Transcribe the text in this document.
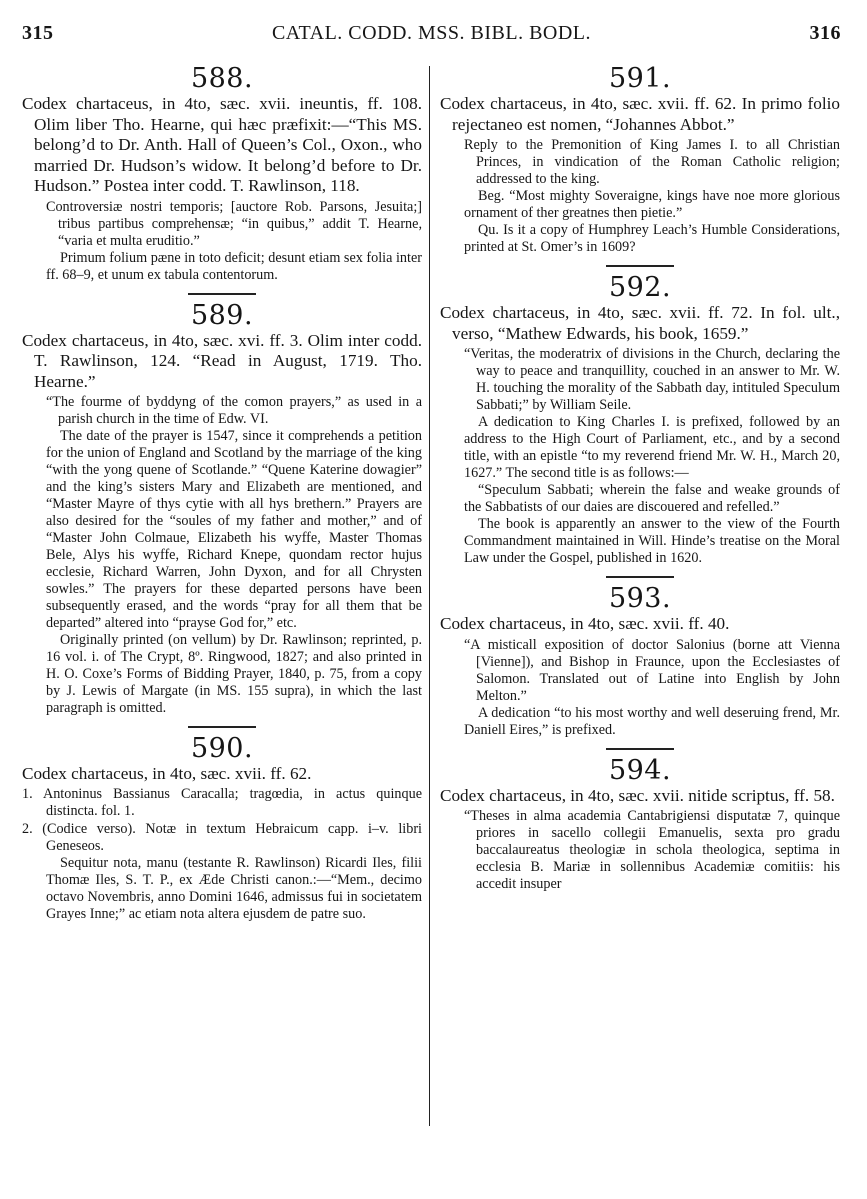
315	CATAL. CODD. MSS. BIBL. BODL.	316

588.

Codex chartaceus, in 4to, sæc. xvii. ineuntis, ff. 108. Olim liber Tho. Hearne, qui hæc præfixit:—“This MS. belong’d to Dr. Anth. Hall of Queen’s Col., Oxon., who married Dr. Hudson’s widow. It belong’d before to Dr. Hudson.” Postea inter codd. T. Rawlinson, 118.

Controversiæ nostri temporis; [auctore Rob. Parsons, Jesuita;] tribus partibus comprehensæ; “in quibus,” addit T. Hearne, “varia et multa eruditio.”

Primum folium pæne in toto deficit; desunt etiam sex folia inter ff. 68–9, et unum ex tabula contentorum.

589.

Codex chartaceus, in 4to, sæc. xvi. ff. 3. Olim inter codd. T. Rawlinson, 124. “Read in August, 1719. Tho. Hearne.”

“The fourme of byddyng of the comon prayers,” as used in a parish church in the time of Edw. VI.

The date of the prayer is 1547, since it comprehends a petition for the union of England and Scotland by the marriage of the king “with the yong quene of Scotlande.” “Quene Katerine dowagier” and the king’s sisters Mary and Elizabeth are mentioned, and “Master Mayre of thys cytie with all hys brethern.” Prayers are also desired for the “soules of my father and mother,” and of “Master John Colmaue, Elizabeth his wyffe, Master Thomas Bele, Alys his wyffe, Richard Knepe, quondam rector hujus ecclesie, Richard Warren, John Dyxon, and for all Chrysten sowles.” The prayers for these departed persons have been subsequently erased, and the words “pray for all them that be departed” altered into “prayse God for,” etc.

Originally printed (on vellum) by Dr. Rawlinson; reprinted, p. 16 vol. i. of The Crypt, 8º. Ringwood, 1827; and also printed in H. O. Coxe’s Forms of Bidding Prayer, 1840, p. 75, from a copy by J. Lewis of Margate (in MS. 155 supra), in which the last paragraph is omitted.

590.

Codex chartaceus, in 4to, sæc. xvii. ff. 62.

1. Antoninus Bassianus Caracalla; tragœdia, in actus quinque distincta. fol. 1.

2. (Codice verso). Notæ in textum Hebraicum capp. i–v. libri Geneseos.

Sequitur nota, manu (testante R. Rawlinson) Ricardi Iles, filii Thomæ Iles, S. T. P., ex Æde Christi canon.:—“Mem., decimo octavo Novembris, anno Domini 1646, admissus fui in societatem Grayes Inne;” ac etiam nota altera ejusdem de patre suo.

591.

Codex chartaceus, in 4to, sæc. xvii. ff. 62. In primo folio rejectaneo est nomen, “Johannes Abbot.”

Reply to the Premonition of King James I. to all Christian Princes, in vindication of the Roman Catholic religion; addressed to the king.

Beg. “Most mighty Soveraigne, kings have noe more glorious ornament of ther greatnes then pietie.”

Qu. Is it a copy of Humphrey Leach’s Humble Considerations, printed at St. Omer’s in 1609?

592.

Codex chartaceus, in 4to, sæc. xvii. ff. 72. In fol. ult., verso, “Mathew Edwards, his book, 1659.”

“Veritas, the moderatrix of divisions in the Church, declaring the way to peace and tranquillity, couched in an answer to Mr. W. H. touching the morality of the Sabbath day, intituled Speculum Sabbati;” by William Seile.

A dedication to King Charles I. is prefixed, followed by an address to the High Court of Parliament, etc., and by a second title, with an epistle “to my reverend friend Mr. W. H., March 20, 1627.” The second title is as follows:—

“Speculum Sabbati; wherein the false and weake grounds of the Sabbatists of our daies are discouered and refelled.”

The book is apparently an answer to the view of the Fourth Commandment maintained in Will. Hinde’s treatise on the Moral Law under the Gospel, published in 1620.

593.

Codex chartaceus, in 4to, sæc. xvii. ff. 40.

“A misticall exposition of doctor Salonius (borne att Vienna [Vienne]), and Bishop in Fraunce, upon the Ecclesiastes of Salomon. Translated out of Latine into English by John Melton.”

A dedication “to his most worthy and well deseruing frend, Mr. Daniell Eires,” is prefixed.

594.

Codex chartaceus, in 4to, sæc. xvii. nitide scriptus, ff. 58.

“Theses in alma academia Cantabrigiensi disputatæ 7, quinque priores in sacello collegii Emanuelis, sexta pro gradu baccalaureatus theologiæ in schola theologica, septima in ecclesia B. Mariæ in sollennibus Academiæ comitiis: his accedit insuper
